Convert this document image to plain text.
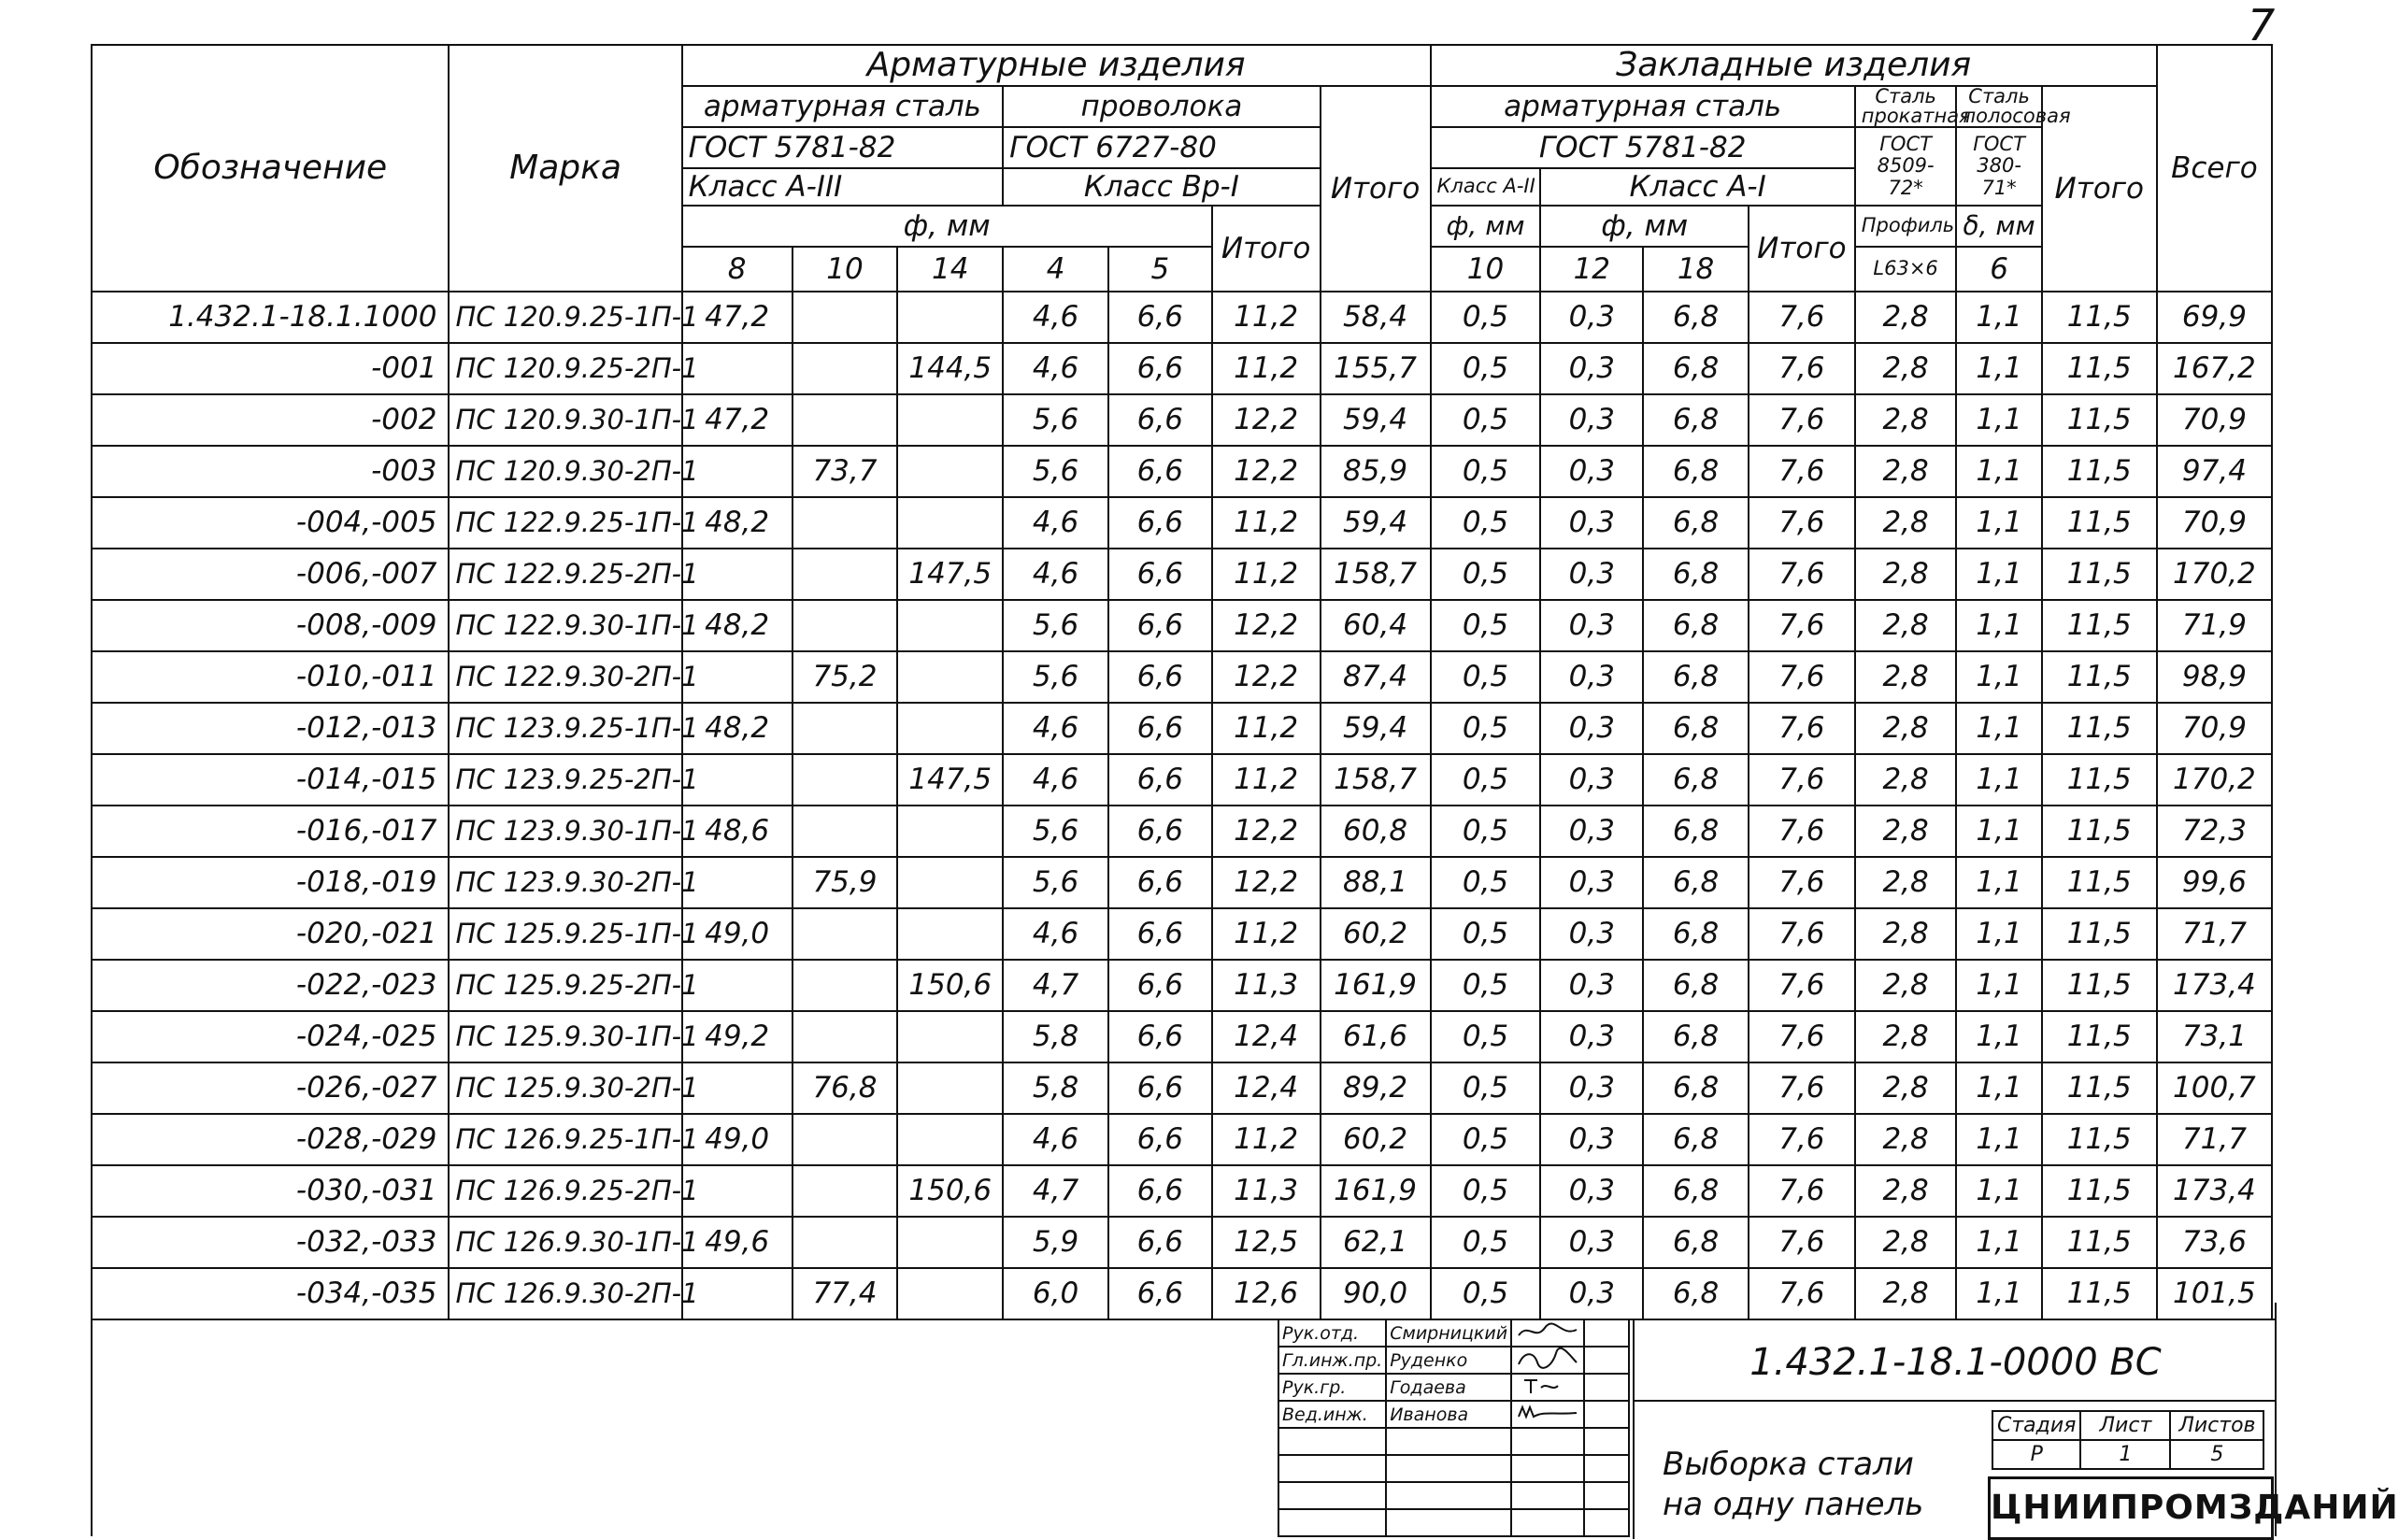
7
Обозначение	Марка	Арматурные изделия							Закладные изделия							Всего
		арматурная сталь			проволока			Итого	арматурная сталь				Сталь прокатная	Сталь полосовая	Итого	
		ГОСТ 5781-82			ГОСТ 6727-80				ГОСТ 5781-82				ГОСТ 8509-72*	ГОСТ 380-71*		
		Класс А-III			Класс Вр-I				Класс А-II	Класс А-I						
		ф, мм					Итого		ф, мм	ф, мм		Итого	Профиль	δ, мм		
		8	10	14	4	5			10	12	18		L63×6	6		
1.432.1-18.1.1000	ПС 120.9.25-1П-1	47,2			4,6	6,6	11,2	58,4	0,5	0,3	6,8	7,6	2,8	1,1	11,5	69,9
-001	ПС 120.9.25-2П-1			144,5	4,6	6,6	11,2	155,7	0,5	0,3	6,8	7,6	2,8	1,1	11,5	167,2
-002	ПС 120.9.30-1П-1	47,2			5,6	6,6	12,2	59,4	0,5	0,3	6,8	7,6	2,8	1,1	11,5	70,9
-003	ПС 120.9.30-2П-1		73,7		5,6	6,6	12,2	85,9	0,5	0,3	6,8	7,6	2,8	1,1	11,5	97,4
-004,-005	ПС 122.9.25-1П-1	48,2			4,6	6,6	11,2	59,4	0,5	0,3	6,8	7,6	2,8	1,1	11,5	70,9
-006,-007	ПС 122.9.25-2П-1			147,5	4,6	6,6	11,2	158,7	0,5	0,3	6,8	7,6	2,8	1,1	11,5	170,2
-008,-009	ПС 122.9.30-1П-1	48,2			5,6	6,6	12,2	60,4	0,5	0,3	6,8	7,6	2,8	1,1	11,5	71,9
-010,-011	ПС 122.9.30-2П-1		75,2		5,6	6,6	12,2	87,4	0,5	0,3	6,8	7,6	2,8	1,1	11,5	98,9
-012,-013	ПС 123.9.25-1П-1	48,2			4,6	6,6	11,2	59,4	0,5	0,3	6,8	7,6	2,8	1,1	11,5	70,9
-014,-015	ПС 123.9.25-2П-1			147,5	4,6	6,6	11,2	158,7	0,5	0,3	6,8	7,6	2,8	1,1	11,5	170,2
-016,-017	ПС 123.9.30-1П-1	48,6			5,6	6,6	12,2	60,8	0,5	0,3	6,8	7,6	2,8	1,1	11,5	72,3
-018,-019	ПС 123.9.30-2П-1		75,9		5,6	6,6	12,2	88,1	0,5	0,3	6,8	7,6	2,8	1,1	11,5	99,6
-020,-021	ПС 125.9.25-1П-1	49,0			4,6	6,6	11,2	60,2	0,5	0,3	6,8	7,6	2,8	1,1	11,5	71,7
-022,-023	ПС 125.9.25-2П-1			150,6	4,7	6,6	11,3	161,9	0,5	0,3	6,8	7,6	2,8	1,1	11,5	173,4
-024,-025	ПС 125.9.30-1П-1	49,2			5,8	6,6	12,4	61,6	0,5	0,3	6,8	7,6	2,8	1,1	11,5	73,1
-026,-027	ПС 125.9.30-2П-1		76,8		5,8	6,6	12,4	89,2	0,5	0,3	6,8	7,6	2,8	1,1	11,5	100,7
-028,-029	ПС 126.9.25-1П-1	49,0			4,6	6,6	11,2	60,2	0,5	0,3	6,8	7,6	2,8	1,1	11,5	71,7
-030,-031	ПС 126.9.25-2П-1			150,6	4,7	6,6	11,3	161,9	0,5	0,3	6,8	7,6	2,8	1,1	11,5	173,4
-032,-033	ПС 126.9.30-1П-1	49,6			5,9	6,6	12,5	62,1	0,5	0,3	6,8	7,6	2,8	1,1	11,5	73,6
-034,-035	ПС 126.9.30-2П-1		77,4		6,0	6,6	12,6	90,0	0,5	0,3	6,8	7,6	2,8	1,1	11,5	101,5
Рук.отд.	Смирницкий		
Гл.инж.пр.	Руденко		
Рук.гр.	Годаева		
Вед.инж.	Иванова		

1.432.1-18.1-0000 ВС
Выборка стали
на одну панель
Стадия	Лист	Листов
Р	1	5
ЦНИИПРОМЗДАНИЙ
